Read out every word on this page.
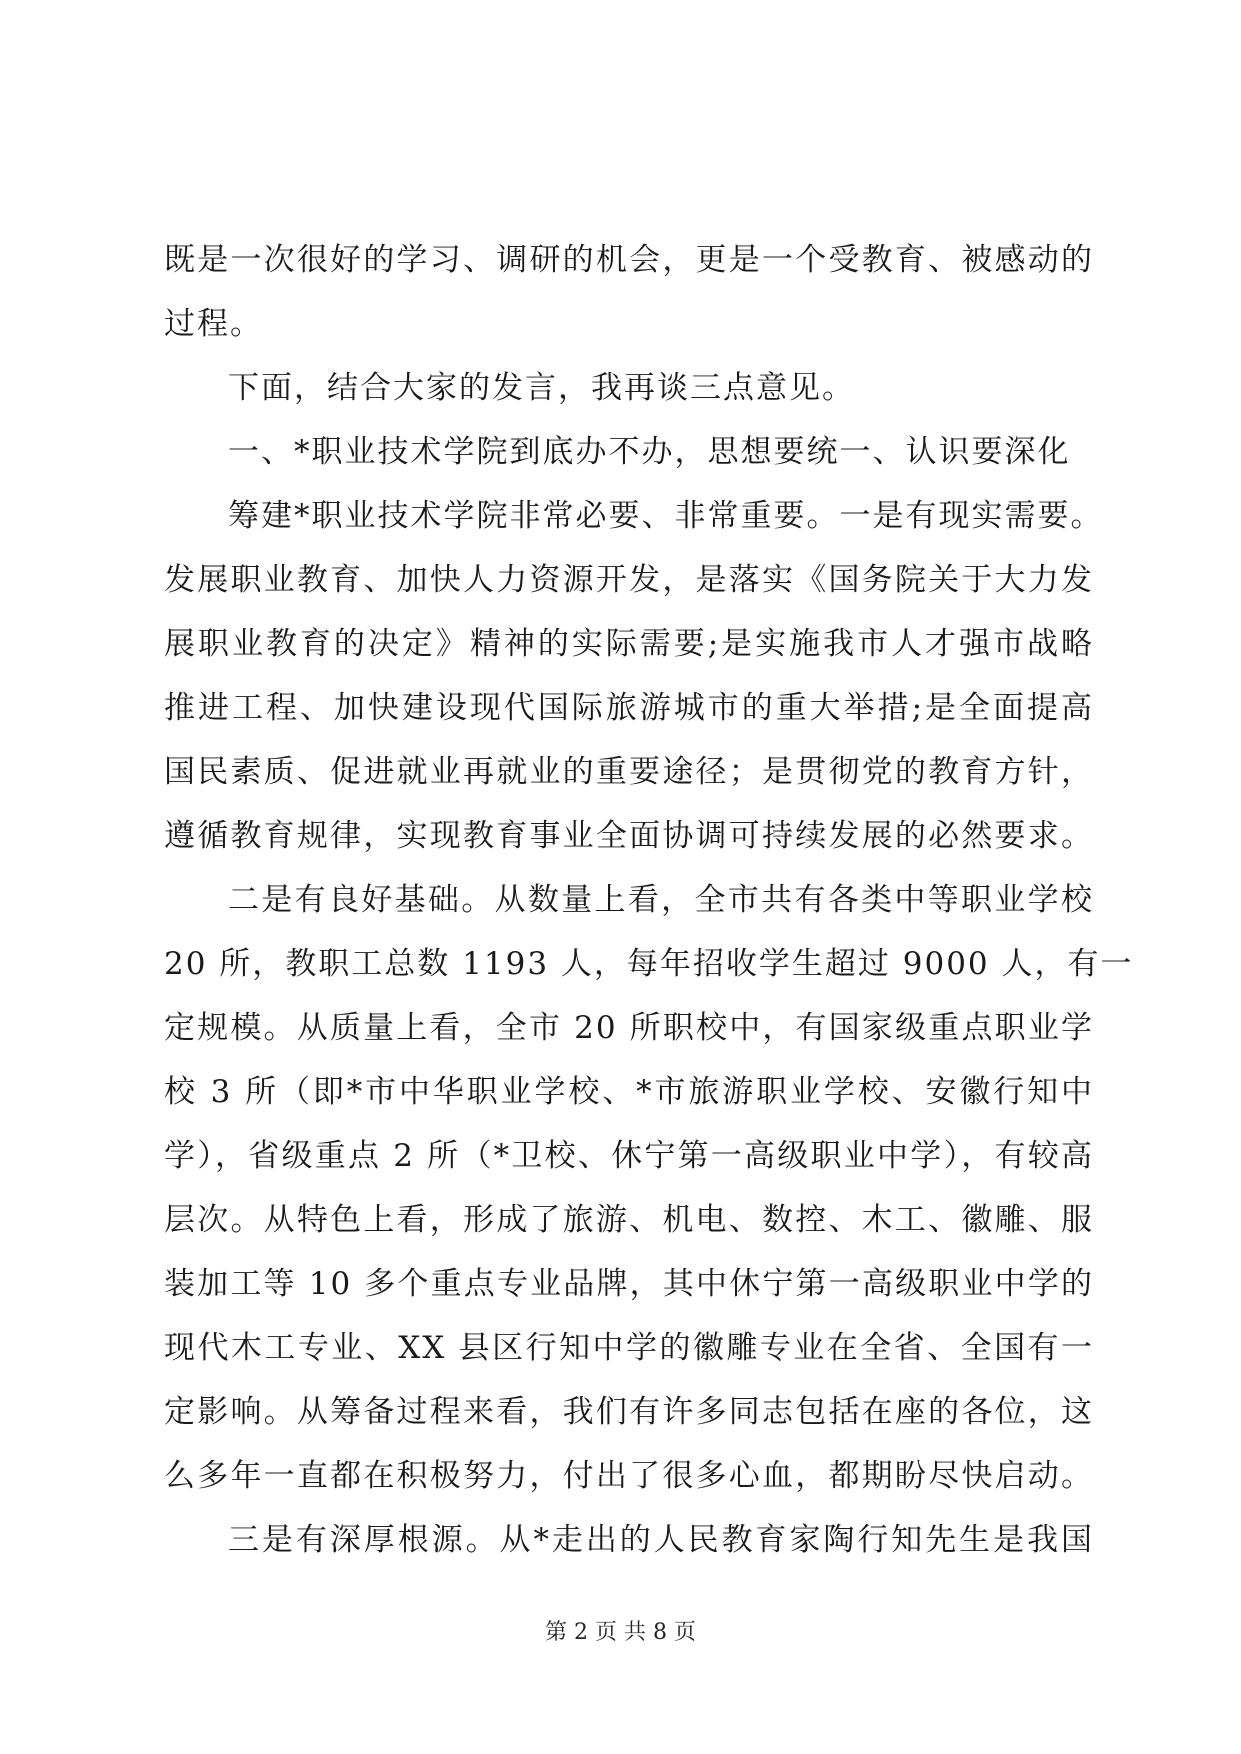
既是一次很好的学习、调研的机会，更是一个受教育、被感动的
过程。
下面，结合大家的发言，我再谈三点意见。
一、*职业技术学院到底办不办，思想要统一、认识要深化
筹建*职业技术学院非常必要、非常重要。一是有现实需要。
发展职业教育、加快人力资源开发，是落实《国务院关于大力发
展职业教育的决定》精神的实际需要;是实施我市人才强市战略
推进工程、加快建设现代国际旅游城市的重大举措;是全面提高
国民素质、促进就业再就业的重要途径；是贯彻党的教育方针，
遵循教育规律，实现教育事业全面协调可持续发展的必然要求。
二是有良好基础。从数量上看，全市共有各类中等职业学校
20 所，教职工总数 1193 人，每年招收学生超过 9000 人，有一
定规模。从质量上看，全市 20 所职校中，有国家级重点职业学
校 3 所（即*市中华职业学校、*市旅游职业学校、安徽行知中
学），省级重点 2 所（*卫校、休宁第一高级职业中学），有较高
层次。从特色上看，形成了旅游、机电、数控、木工、徽雕、服
装加工等 10 多个重点专业品牌，其中休宁第一高级职业中学的
现代木工专业、XX 县区行知中学的徽雕专业在全省、全国有一
定影响。从筹备过程来看，我们有许多同志包括在座的各位，这
么多年一直都在积极努力，付出了很多心血，都期盼尽快启动。
三是有深厚根源。从*走出的人民教育家陶行知先生是我国
第 2 页 共 8 页
